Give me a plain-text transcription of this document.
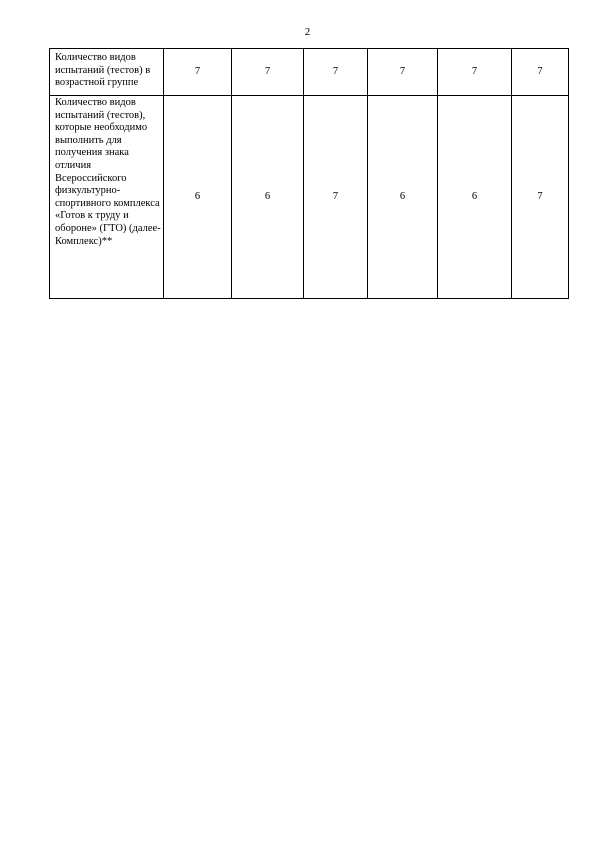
2
Количество видов испытаний (тестов) в возрастной группе	7	7	7	7	7	7
Количество видов испытаний (тестов), которые необходимо выполнить для получения знака отличия Всероссийского физкультурно-спортивного комплекса «Готов к труду и обороне» (ГТО) (далее- Комплекс)**	6	6	7	6	6	7
